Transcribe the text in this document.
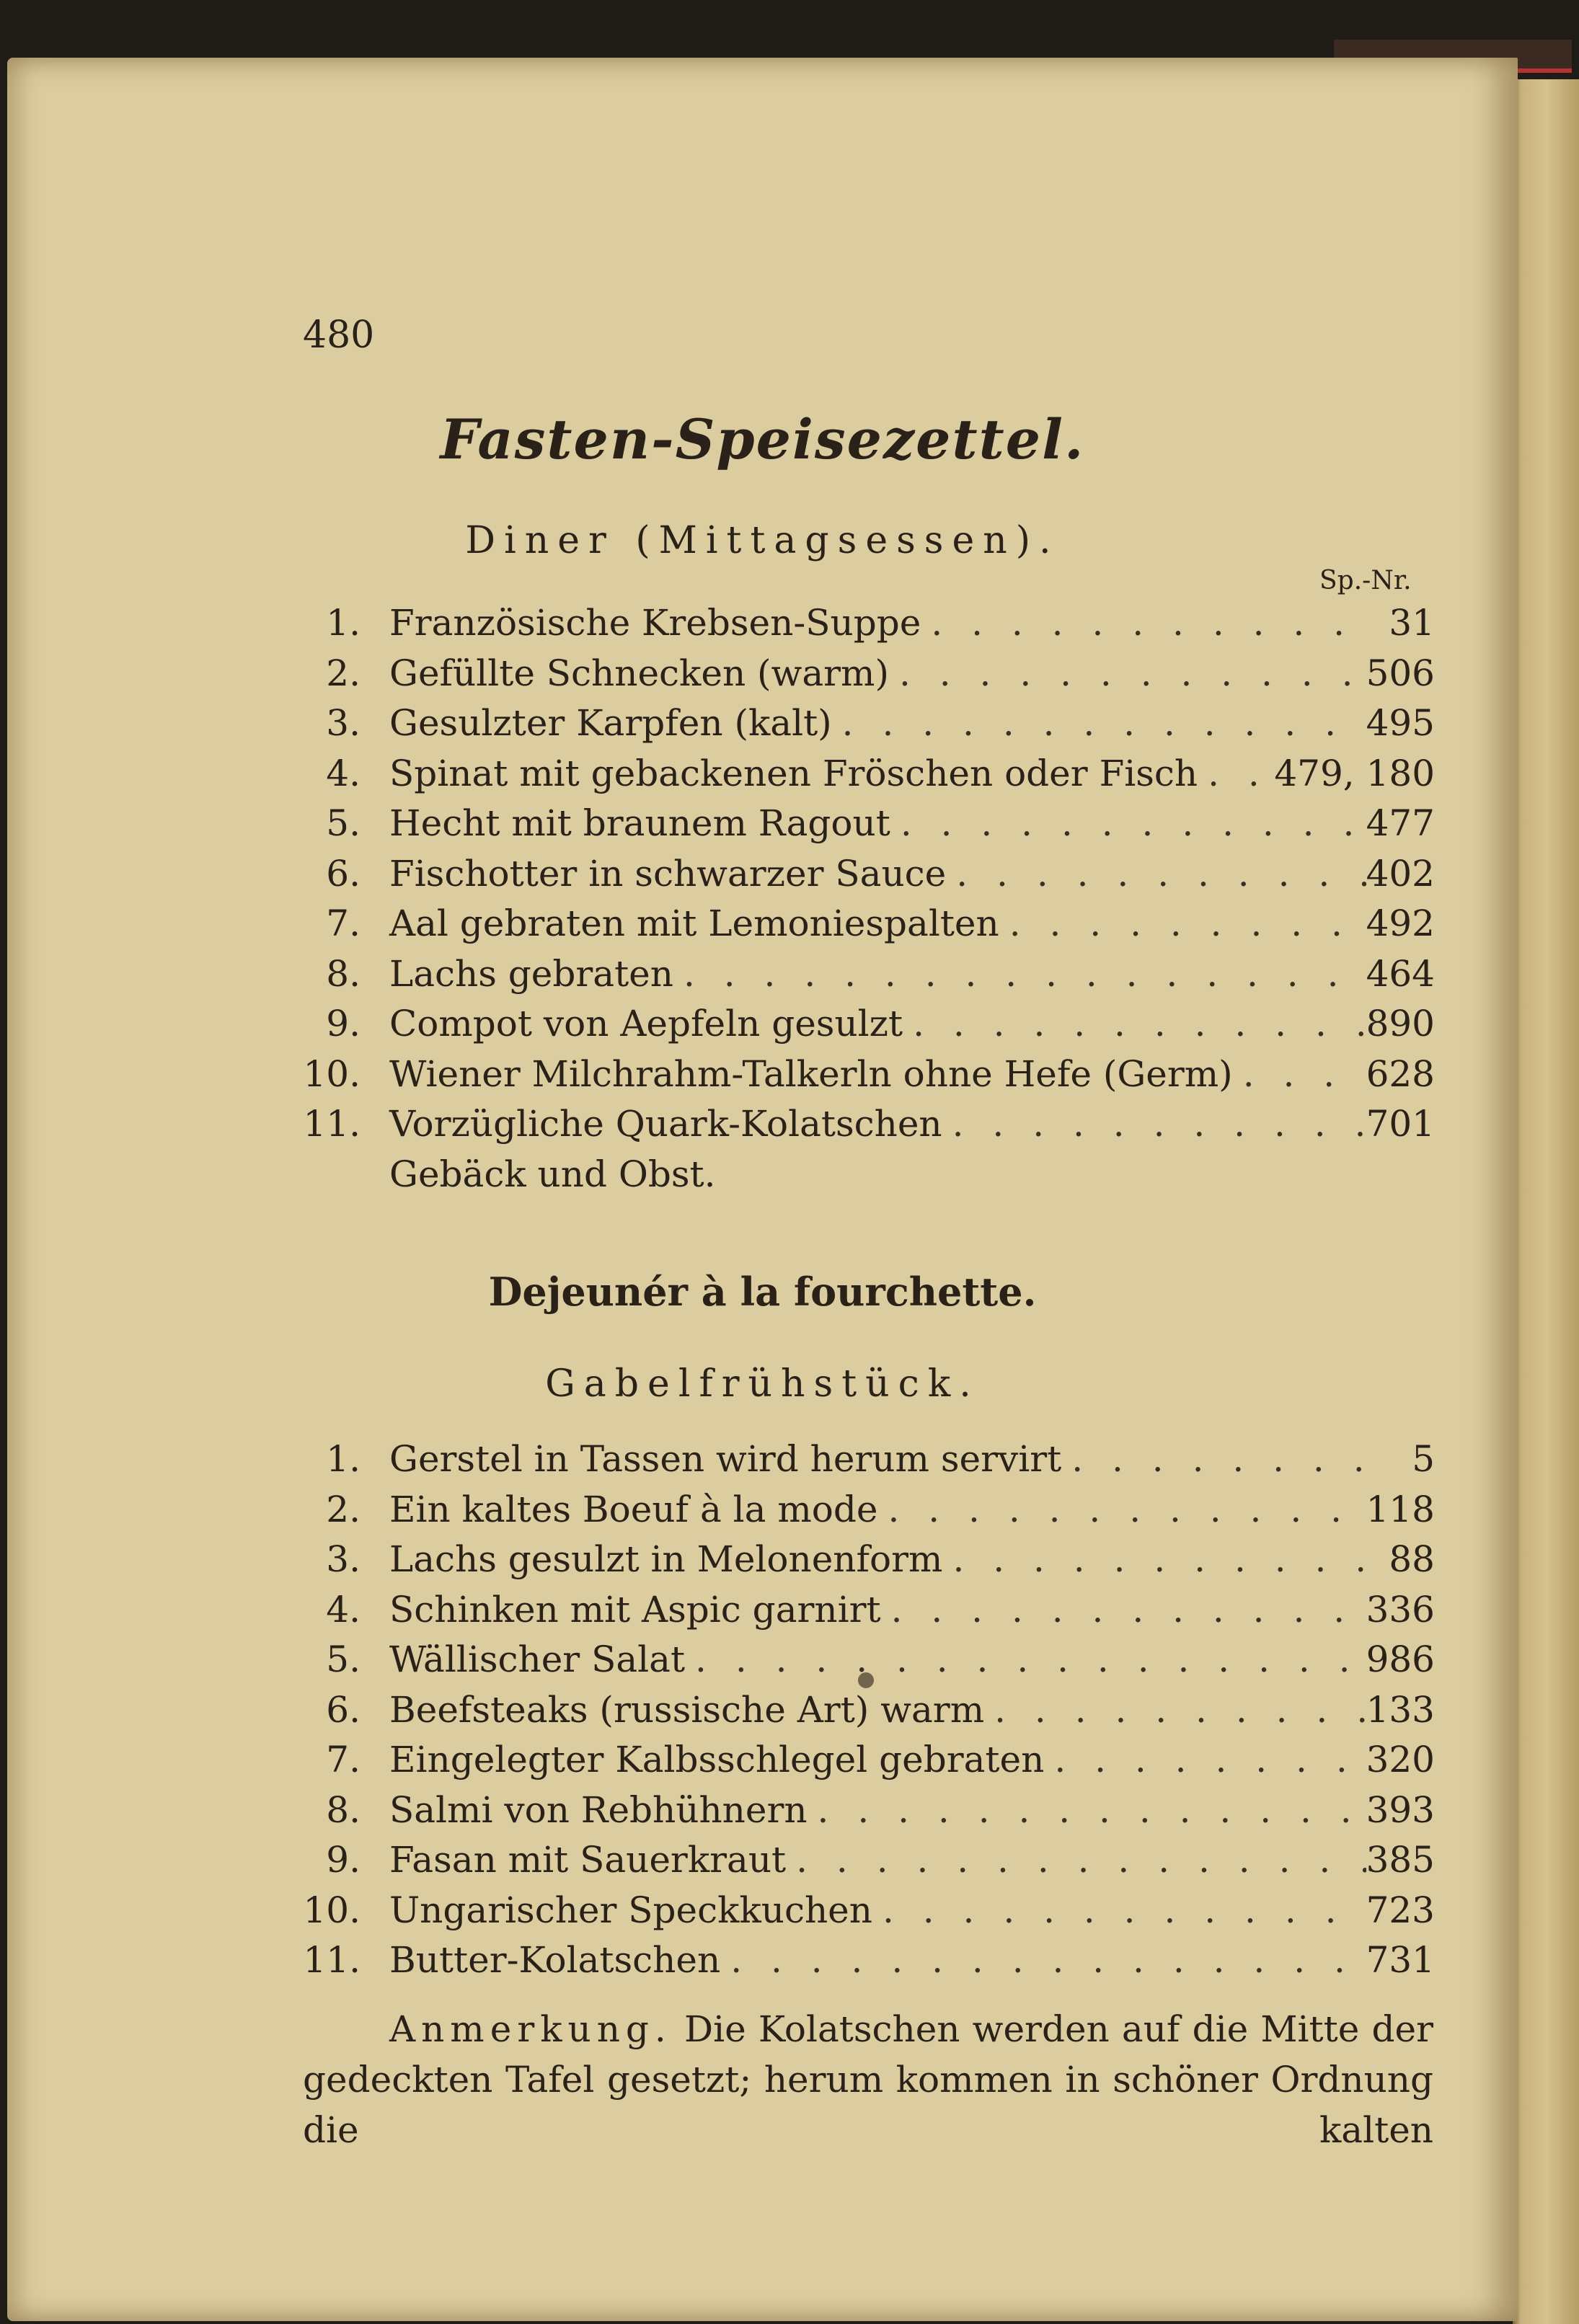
480
Fasten-Speisezettel.
Diner (Mittagsessen).
Sp.-Nr.
1. Französische Krebsen-Suppe . . .	31
2. Gefüllte Schnecken (warm) . . .	506
3. Gesulzter Karpfen (kalt) . . .	495
4. Spinat mit gebackenen Fröschen oder Fisch . . . 479, 180
5. Hecht mit braunem Ragout . . .	477
6. Fischotter in schwarzer Sauce . . .	402
7. Aal gebraten mit Lemoniespalten . . .	492
8. Lachs gebraten . . .	464
9. Compot von Aepfeln gesulzt . . .	890
10. Wiener Milchrahm-Talkerln ohne Hefe (Germ) . . .	628
11. Vorzügliche Quark-Kolatschen . . .	701
Gebäck und Obst.
Dejeunér à la fourchette.
Gabelfrühstück.
1. Gerstel in Tassen wird herum servirt . . .	5
2. Ein kaltes Boeuf à la mode . . .	118
3. Lachs gesulzt in Melonenform . . .	88
4. Schinken mit Aspic garnirt . . .	336
5. Wällischer Salat . . .	986
6. Beefsteaks (russische Art) warm . . .	133
7. Eingelegter Kalbsschlegel gebraten . . .	320
8. Salmi von Rebhühnern . . .	393
9. Fasan mit Sauerkraut . . .	385
10. Ungarischer Speckkuchen . . .	723
11. Butter-Kolatschen . . .	731
Anmerkung. Die Kolatschen werden auf die Mitte der
gedeckten Tafel gesetzt; herum kommen in schöner Ordnung die kalten
